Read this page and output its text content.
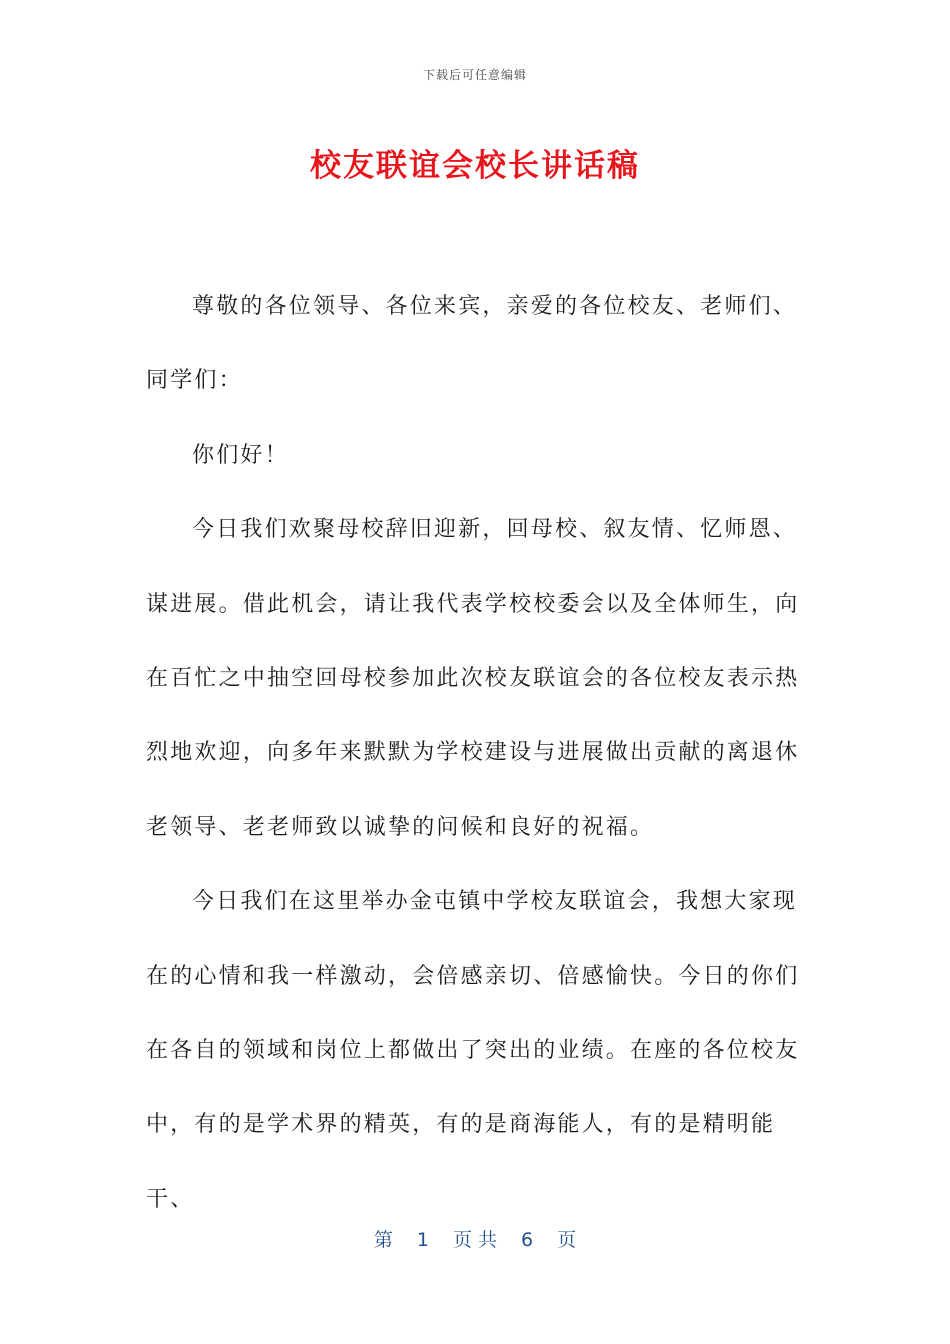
下载后可任意编辑
校友联谊会校长讲话稿

尊敬的各位领导、各位来宾，亲爱的各位校友、老师们、同学们：

你们好！

今日我们欢聚母校辞旧迎新，回母校、叙友情、忆师恩、谋进展。借此机会，请让我代表学校校委会以及全体师生，向在百忙之中抽空回母校参加此次校友联谊会的各位校友表示热烈地欢迎，向多年来默默为学校建设与进展做出贡献的离退休老领导、老老师致以诚挚的问候和良好的祝福。

今日我们在这里举办金屯镇中学校友联谊会，我想大家现在的心情和我一样激动，会倍感亲切、倍感愉快。今日的你们在各自的领域和岗位上都做出了突出的业绩。在座的各位校友中，有的是学术界的精英，有的是商海能人，有的是精明能干、

第 1 页 共 6 页
